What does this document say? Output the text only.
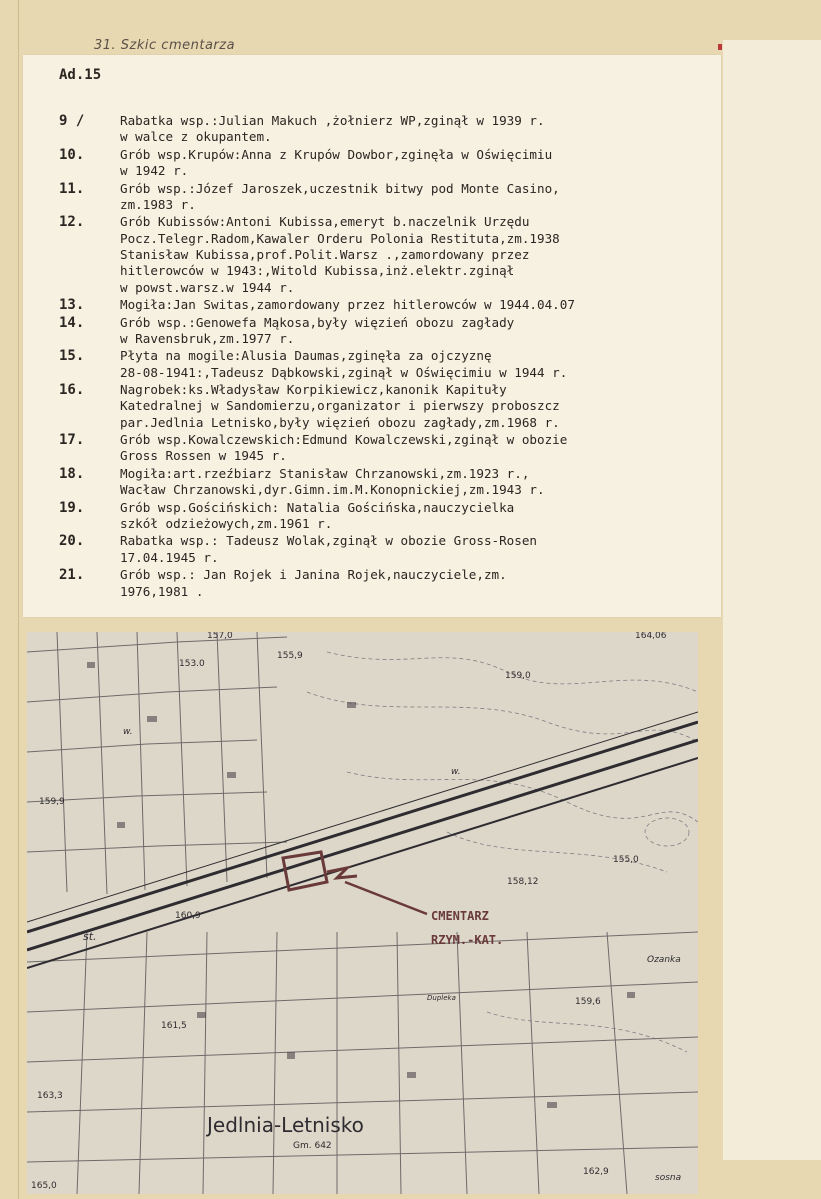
31. Szkic cmentarza
Ad.15
9 /	Rabatka wsp.:Julian Makuch ,żołnierz WP,zginął w 1939 r.
w walce z okupantem.
10.	Grób wsp.Krupów:Anna z Krupów Dowbor,zginęła w Oświęcimiu
w 1942 r.
11.	Grób wsp.:Józef Jaroszek,uczestnik bitwy pod Monte Casino,
zm.1983 r.
12.	Grób Kubissów:Antoni Kubissa,emeryt b.naczelnik Urzędu
Pocz.Telegr.Radom,Kawaler Orderu Polonia Restituta,zm.1938
Stanisław Kubissa,prof.Polit.Warsz .,zamordowany przez
hitlerowców w 1943:,Witold Kubissa,inż.elektr.zginął
w powst.warsz.w 1944 r.
13.	Mogiła:Jan Switas,zamordowany przez hitlerowców w 1944.04.07
14.	Grób wsp.:Genowefa Mąkosa,były więzień obozu zagłady
w Ravensbruk,zm.1977 r.
15.	Płyta na mogile:Alusia Daumas,zginęła za ojczyznę
28-08-1941:,Tadeusz Dąbkowski,zginął w Oświęcimiu w 1944 r.
16.	Nagrobek:ks.Władysław Korpikiewicz,kanonik Kapituły
Katedralnej w Sandomierzu,organizator i pierwszy proboszcz
par.Jedlnia Letnisko,były więzień obozu zagłady,zm.1968 r.
17.	Grób wsp.Kowalczewskich:Edmund Kowalczewski,zginął w obozie
Gross Rossen w 1945 r.
18.	Mogiła:art.rzeźbiarz Stanisław Chrzanowski,zm.1923 r.,
Wacław Chrzanowski,dyr.Gimn.im.M.Konopnickiej,zm.1943 r.
19.	Grób wsp.Gościńskich: Natalia Gościńska,nauczycielka
szkół odzieżowych,zm.1961 r.
20.	Rabatka wsp.: Tadeusz Wolak,zginął w obozie Gross-Rosen
17.04.1945 r.
21.	Grób wsp.: Jan Rojek i Janina Rojek,nauczyciele,zm.
1976,1981 .
153.0
157,0
155,9
164,06
159,0
159,9
155,0
158,12
160,9
159,6
161,5
163,3
162,9
165,0
st.
Ozanka
Dupleka
sosna
w.
w.
CMENTARZ
RZYM.-KAT.
Jedlnia-Letnisko
Gm. 642
